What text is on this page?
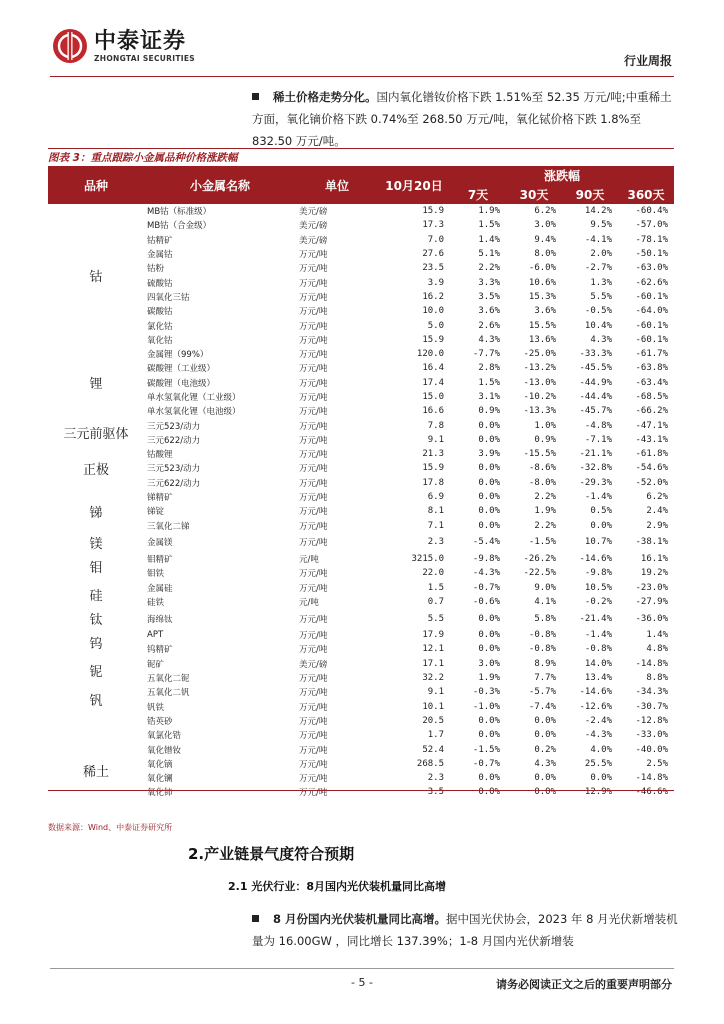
中泰证券
ZHONGTAI SECURITIES	行业周报
稀土价格走势分化。国内氧化镨钕价格下跌 1.51%至 52.35 万元/吨;中重稀土方面，氧化镝价格下跌 0.74%至 268.50 万元/吨，氧化铽价格下跌 1.8%至 832.50 万元/吨。
图表 3：重点跟踪小金属品种价格涨跌幅
品种	小金属名称	单位	10月20日	涨跌幅			
				7天	30天	90天	360天
钴	MB钴（标准级）	美元/磅	15.9	1.9%	6.2%	14.2%	-60.4%
	MB钴（合金级）	美元/磅	17.3	1.5%	3.0%	9.5%	-57.0%
	钴精矿	美元/磅	7.0	1.4%	9.4%	-4.1%	-78.1%
	金属钴	万元/吨	27.6	5.1%	8.0%	2.0%	-50.1%
	钴粉	万元/吨	23.5	2.2%	-6.0%	-2.7%	-63.0%
	硫酸钴	万元/吨	3.9	3.3%	10.6%	1.3%	-62.6%
	四氧化三钴	万元/吨	16.2	3.5%	15.3%	5.5%	-60.1%
	碳酸钴	万元/吨	10.0	3.6%	3.6%	-0.5%	-64.0%
	氯化钴	万元/吨	5.0	2.6%	15.5%	10.4%	-60.1%
	氧化钴	万元/吨	15.9	4.3%	13.6%	4.3%	-60.1%
锂	金属锂（99%）	万元/吨	120.0	-7.7%	-25.0%	-33.3%	-61.7%
	碳酸锂（工业级）	万元/吨	16.4	2.8%	-13.2%	-45.5%	-63.8%
	碳酸锂（电池级）	万元/吨	17.4	1.5%	-13.0%	-44.9%	-63.4%
	单水氢氧化锂（工业级）	万元/吨	15.0	3.1%	-10.2%	-44.4%	-68.5%
	单水氢氧化锂（电池级）	万元/吨	16.6	0.9%	-13.3%	-45.7%	-66.2%
三元前驱体	三元523/动力	万元/吨	7.8	0.0%	1.0%	-4.8%	-47.1%
	三元622/动力	万元/吨	9.1	0.0%	0.9%	-7.1%	-43.1%
正极	钴酸锂	万元/吨	21.3	3.9%	-15.5%	-21.1%	-61.8%
	三元523/动力	万元/吨	15.9	0.0%	-8.6%	-32.8%	-54.6%
	三元622/动力	万元/吨	17.8	0.0%	-8.0%	-29.3%	-52.0%
锑	锑精矿	万元/吨	6.9	0.0%	2.2%	-1.4%	6.2%
	锑锭	万元/吨	8.1	0.0%	1.9%	0.5%	2.4%
	三氧化二锑	万元/吨	7.1	0.0%	2.2%	0.0%	2.9%
镁	金属镁	万元/吨	2.3	-5.4%	-1.5%	10.7%	-38.1%
钼	钼精矿	元/吨	3215.0	-9.8%	-26.2%	-14.6%	16.1%
	钼铁	万元/吨	22.0	-4.3%	-22.5%	-9.8%	19.2%
硅	金属硅	万元/吨	1.5	-0.7%	9.0%	10.5%	-23.0%
	硅铁	元/吨	0.7	-0.6%	4.1%	-0.2%	-27.9%
钛	海绵钛	万元/吨	5.5	0.0%	5.8%	-21.4%	-36.0%
钨	APT	万元/吨	17.9	0.0%	-0.8%	-1.4%	1.4%
	钨精矿	万元/吨	12.1	0.0%	-0.8%	-0.8%	4.8%
铌	铌矿	美元/磅	17.1	3.0%	8.9%	14.0%	-14.8%
	五氧化二铌	万元/吨	32.2	1.9%	7.7%	13.4%	8.8%
钒	五氧化二钒	万元/吨	9.1	-0.3%	-5.7%	-14.6%	-34.3%
	钒铁	万元/吨	10.1	-1.0%	-7.4%	-12.6%	-30.7%
	锆英砂	万元/吨	20.5	0.0%	0.0%	-2.4%	-12.8%
	氧氯化锆	万元/吨	1.7	0.0%	0.0%	-4.3%	-33.0%
稀土	氧化镨钕	万元/吨	52.4	-1.5%	0.2%	4.0%	-40.0%
	氧化镝	万元/吨	268.5	-0.7%	4.3%	25.5%	2.5%
	氧化镧	万元/吨	2.3	0.0%	0.0%	0.0%	-14.8%
	氧化铈	万元/吨	3.5	0.0%	0.0%	12.9%	-46.6%
数据来源：Wind、中泰证券研究所
2.产业链景气度符合预期
2.1 光伏行业：8月国内光伏装机量同比高增
8 月份国内光伏装机量同比高增。据中国光伏协会，2023 年 8 月光伏新增装机量为 16.00GW ，同比增长 137.39%；1-8 月国内光伏新增装
- 5 -	请务必阅读正文之后的重要声明部分
